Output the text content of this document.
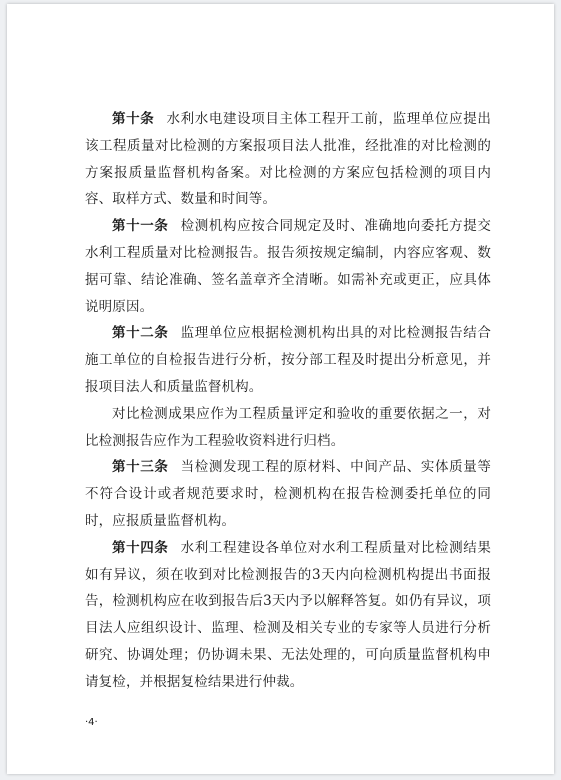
第十条 水利水电建设项目主体工程开工前，监理单位应提出该工程质量对比检测的方案报项目法人批准，经批准的对比检测的方案报质量监督机构备案。对比检测的方案应包括检测的项目内容、取样方式、数量和时间等。

第十一条 检测机构应按合同规定及时、准确地向委托方提交水利工程质量对比检测报告。报告须按规定编制，内容应客观、数据可靠、结论准确、签名盖章齐全清晰。如需补充或更正，应具体说明原因。

第十二条 监理单位应根据检测机构出具的对比检测报告结合施工单位的自检报告进行分析，按分部工程及时提出分析意见，并报项目法人和质量监督机构。

对比检测成果应作为工程质量评定和验收的重要依据之一，对比检测报告应作为工程验收资料进行归档。

第十三条 当检测发现工程的原材料、中间产品、实体质量等不符合设计或者规范要求时，检测机构在报告检测委托单位的同时，应报质量监督机构。

第十四条 水利工程建设各单位对水利工程质量对比检测结果如有异议，须在收到对比检测报告的3天内向检测机构提出书面报告，检测机构应在收到报告后3天内予以解释答复。如仍有异议，项目法人应组织设计、监理、检测及相关专业的专家等人员进行分析研究、协调处理；仍协调未果、无法处理的，可向质量监督机构申请复检，并根据复检结果进行仲裁。

·4·
